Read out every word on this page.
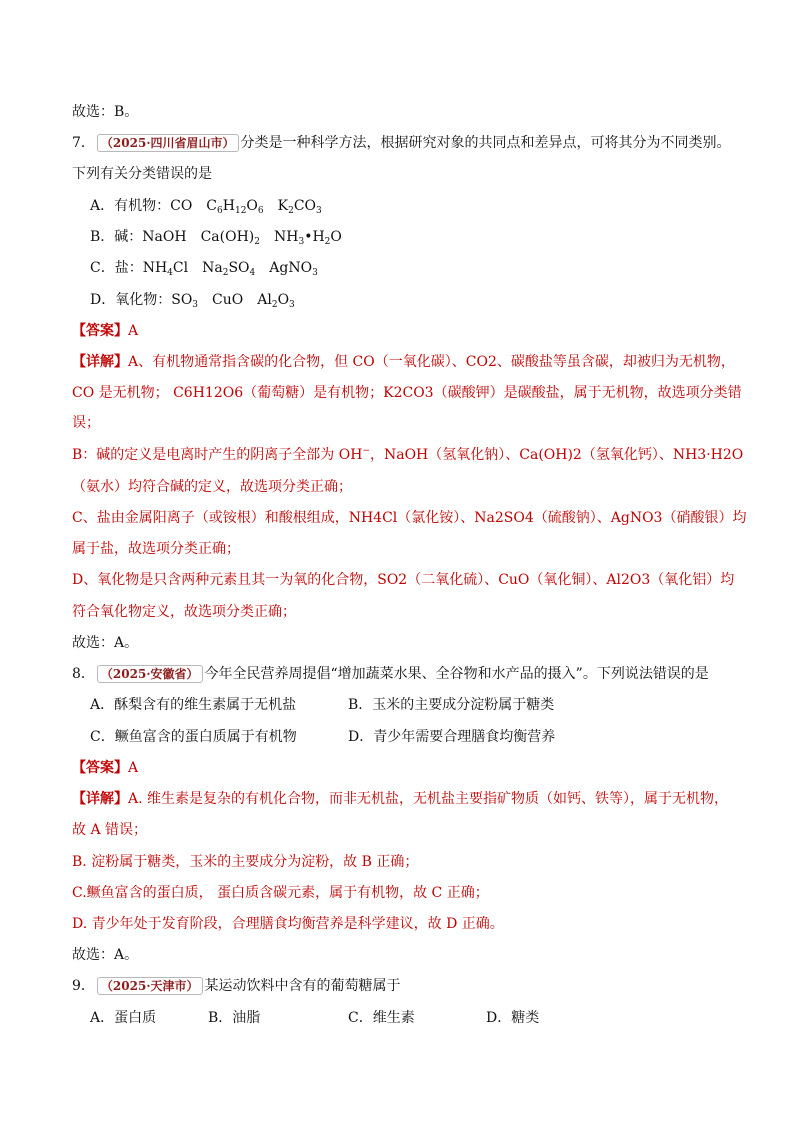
故选：B。
7． （2025·四川省眉山市） 分类是一种科学方法，根据研究对象的共同点和差异点，可将其分为不同类别。
下列有关分类错误的是
A．有机物：CO　$C_6H_{12}O_6$　$K_2CO_3$
B．碱：NaOH　$Ca(OH)_2$　$NH_3•H_2O$
C．盐：$NH_4Cl$　$Na_2SO_4$　AgNO$_3$
D．氧化物：$SO_3$　CuO　$Al_2O_3$
【答案】A
【详解】A、有机物通常指含碳的化合物，但 CO（一氧化碳）、CO2、碳酸盐等虽含碳，却被归为无机物，
CO 是无机物； C6H12O6（葡萄糖）是有机物；K2CO3（碳酸钾）是碳酸盐，属于无机物，故选项分类错
误；
B：碱的定义是电离时产生的阴离子全部为 OH−，NaOH（氢氧化钠）、Ca(OH)2（氢氧化钙）、NH3·H2O
（氨水）均符合碱的定义，故选项分类正确；
C、盐由金属阳离子（或铵根）和酸根组成，NH4Cl（氯化铵）、Na2SO4（硫酸钠）、AgNO3（硝酸银）均
属于盐，故选项分类正确；
D、氧化物是只含两种元素且其一为氧的化合物，SO2（二氧化硫）、CuO（氧化铜）、Al2O3（氧化铝）均
符合氧化物定义，故选项分类正确；
故选：A。
8． （2025·安徽省） 今年全民营养周提倡“增加蔬菜水果、全谷物和水产品的摄入”。下列说法错误的是
A．酥梨含有的维生素属于无机盐	B．玉米的主要成分淀粉属于糖类
C．鳜鱼富含的蛋白质属于有机物	D．青少年需要合理膳食均衡营养
【答案】A
【详解】A. 维生素是复杂的有机化合物，而非无机盐，无机盐主要指矿物质（如钙、铁等），属于无机物，
故 A 错误；
B. 淀粉属于糖类，玉米的主要成分为淀粉，故 B 正确；
C.鳜鱼富含的蛋白质， 蛋白质含碳元素，属于有机物，故 C 正确；
D. 青少年处于发育阶段，合理膳食均衡营养是科学建议，故 D 正确。
故选：A。
9． （2025·天津市） 某运动饮料中含有的葡萄糖属于
A．蛋白质	B．油脂	C．维生素	D．糖类
